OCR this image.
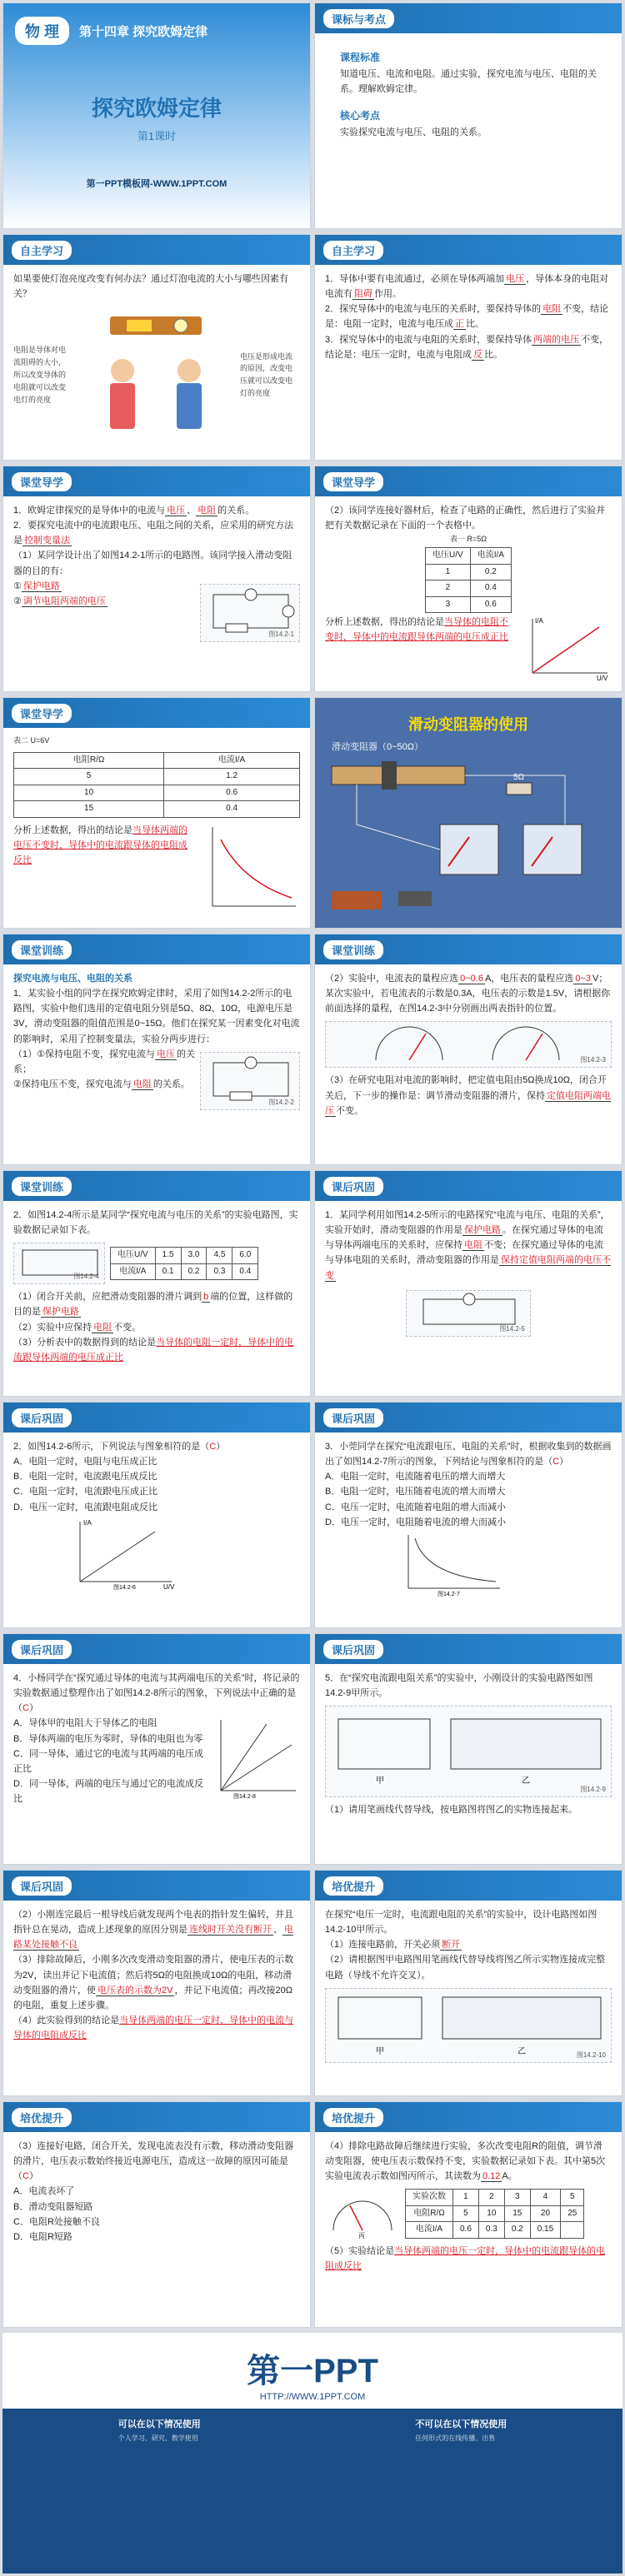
物 理	第十四章 探究欧姆定律
探究欧姆定律
第1课时
第一PPT模板网-WWW.1PPT.COM
课标与考点
课程标准
知道电压、电流和电阻。通过实验，探究电流与电压、电阻的关系。理解欧姆定律。
核心考点
实验探究电流与电压、电阻的关系。
自主学习
如果要使灯泡亮度改变有何办法？通过灯泡电流的大小与哪些因素有关？
电阻是导体对电流阻碍的大小，所以改变导体的电阻就可以改变电灯的亮度
电压是形成电流的原因，改变电压就可以改变电灯的亮度
自主学习
1．导体中要有电流通过，必须在导体两端加 电压 ，导体本身的电阻对电流有 阻碍 作用。
2．探究导体中的电流与电压的关系时，要保持导体的 电阻 不变，结论是：电阻一定时，电流与电压成 正 比。
3．探究导体中的电流与电阻的关系时，要保持导体 两端的电压 不变，结论是：电压一定时，电流与电阻成 反 比。
课堂导学
1．欧姆定律探究的是导体中的电流与 电压 、 电阻 的关系。
2．要探究电流中的电流跟电压、电阻之间的关系，应采用的研究方法是 控制变量法
（1）某同学设计出了如图14.2-1所示的电路图。该同学接入滑动变阻器的目的有：
① 保护电路
② 调节电阻两端的电压
图14.2-1
课堂导学
（2）该同学连接好器材后，检查了电路的正确性，然后进行了实验并把有关数据记录在下面的一个表格中。
表一 R=5Ω
电压U/V	电流I/A
1	0.2
2	0.4
3	0.6
分析上述数据，得出的结论是当导体的电阻不变时，导体中的电流跟导体两端的电压成正比
I/A
U/V
课堂导学
表二 U=6V
电阻R/Ω	电流I/A
5	1.2
10	0.6
15	0.4
分析上述数据，得出的结论是当导体两端的电压不变时，导体中的电流跟导体的电阻成反比
滑动变阻器的使用
滑动变阻器（0~50Ω）
5Ω
课堂训练
探究电流与电压、电阻的关系
1．某实验小组的同学在探究欧姆定律时，采用了如图14.2-2所示的电路图，实验中他们选用的定值电阻分别是5Ω、8Ω、10Ω，电源电压是3V，滑动变阻器的阻值范围是0~15Ω。他们在探究某一因素变化对电流的影响时，采用了控制变量法，实验分两步进行：
（1）①保持电阻不变，探究电流与 电压 的关系；
②保持电压不变，探究电流与 电阻 的关系。
图14.2-2
课堂训练
（2）实验中，电流表的量程应选 0~0.6 A，电压表的量程应选 0~3 V；某次实验中，若电流表的示数是0.3A，电压表的示数是1.5V，请根据你前面选择的量程，在图14.2-3中分别画出两表指针的位置。
图14.2-3
（3）在研究电阻对电流的影响时，把定值电阻由5Ω换成10Ω，闭合开关后，下一步的操作是：调节滑动变阻器的滑片，保持 定值电阻两端电压 不变。
课堂训练
2．如图14.2-4所示是某同学“探究电流与电压的关系”的实验电路图，实验数据记录如下表。
图14.2-4
电压U/V	1.5	3.0	4.5	6.0
电流I/A	0.1	0.2	0.3	0.4
（1）闭合开关前，应把滑动变阻器的滑片调到 b 端的位置，这样做的目的是 保护电路
（2）实验中应保持 电阻 不变。
（3）分析表中的数据得到的结论是当导体的电阻一定时，导体中的电流跟导体两端的电压成正比
课后巩固
1．某同学利用如图14.2-5所示的电路探究“电流与电压、电阻的关系”，实验开始时，滑动变阻器的作用是 保护电路 。在探究通过导体的电流与导体两端电压的关系时，应保持 电阻 不变；在探究通过导体的电流与导体电阻的关系时，滑动变阻器的作用是 保持定值电阻两端的电压不变
图14.2-5
课后巩固
2．如图14.2-6所示，下列说法与图象相符的是（C）
A．电阻一定时，电阻与电压成正比
B．电阻一定时，电流跟电压成反比
C．电阻一定时，电流跟电压成正比
D．电压一定时，电流跟电阻成反比
I/A
U/V
图14.2-6
课后巩固
3．小莞同学在探究“电流跟电压、电阻的关系”时，根据收集到的数据画出了如图14.2-7所示的图象，下列结论与图象相符的是（C）
A．电阻一定时，电流随着电压的增大而增大
B．电阻一定时，电压随着电流的增大而增大
C．电压一定时，电流随着电阻的增大而减小
D．电压一定时，电阻随着电流的增大而减小
图14.2-7
课后巩固
4．小杨同学在“探究通过导体的电流与其两端电压的关系”时，将记录的实验数据通过整理作出了如图14.2-8所示的图象，下列说法中正确的是（C）
A．导体甲的电阻大于导体乙的电阻
B．导体两端的电压为零时，导体的电阻也为零
C．同一导体，通过它的电流与其两端的电压成正比
D．同一导体，两端的电压与通过它的电流成反比	图14.2-8
课后巩固
5．在“探究电流跟电阻关系”的实验中，小刚设计的实验电路图如图14.2-9甲所示。
甲	乙
图14.2-9
（1）请用笔画线代替导线，按电路图将图乙的实物连接起来。
课后巩固
（2）小刚连完最后一根导线后就发现两个电表的指针发生偏转，并且指针总在晃动，造成上述现象的原因分别是 连线时开关没有断开 、 电路某处接触不良
（3）排除故障后，小刚多次改变滑动变阻器的滑片，使电压表的示数为2V，读出并记下电流值；然后将5Ω的电阻换成10Ω的电阻，移动滑动变阻器的滑片，使 电压表的示数为2V ，并记下电流值；再改接20Ω的电阻，重复上述步骤。
（4）此实验得到的结论是当导体两端的电压一定时，导体中的电流与导体的电阻成反比
培优提升
在探究“电压一定时，电流跟电阻的关系”的实验中，设计电路图如图14.2-10甲所示。
（1）连接电路前，开关必须 断开
（2）请根据图甲电路图用笔画线代替导线将图乙所示实物连接成完整电路（导线不允许交叉）。
甲	乙	图14.2-10
培优提升
（3）连接好电路，闭合开关，发现电流表没有示数，移动滑动变阻器的滑片，电压表示数始终接近电源电压，造成这一故障的原因可能是（C）
A．电流表坏了
B．滑动变阻器短路
C．电阻R处接触不良
D．电阻R短路
培优提升
（4）排除电路故障后继续进行实验，多次改变电阻R的阻值，调节滑动变阻器，使电压表示数保持不变，实验数据记录如下表。其中第5次实验电流表示数如图丙所示，其读数为 0.12 A。
丙
实验次数	1	2	3	4	5
电阻R/Ω	5	10	15	20	25
电流I/A	0.6	0.3	0.2	0.15	
（5）实验结论是当导体两端的电压一定时，导体中的电流跟导体的电阻成反比
第一PPT
HTTP://WWW.1PPT.COM
可以在以下情况使用
个人学习、研究、教学使用
不可以在以下情况使用
任何形式的在线传播、出售
